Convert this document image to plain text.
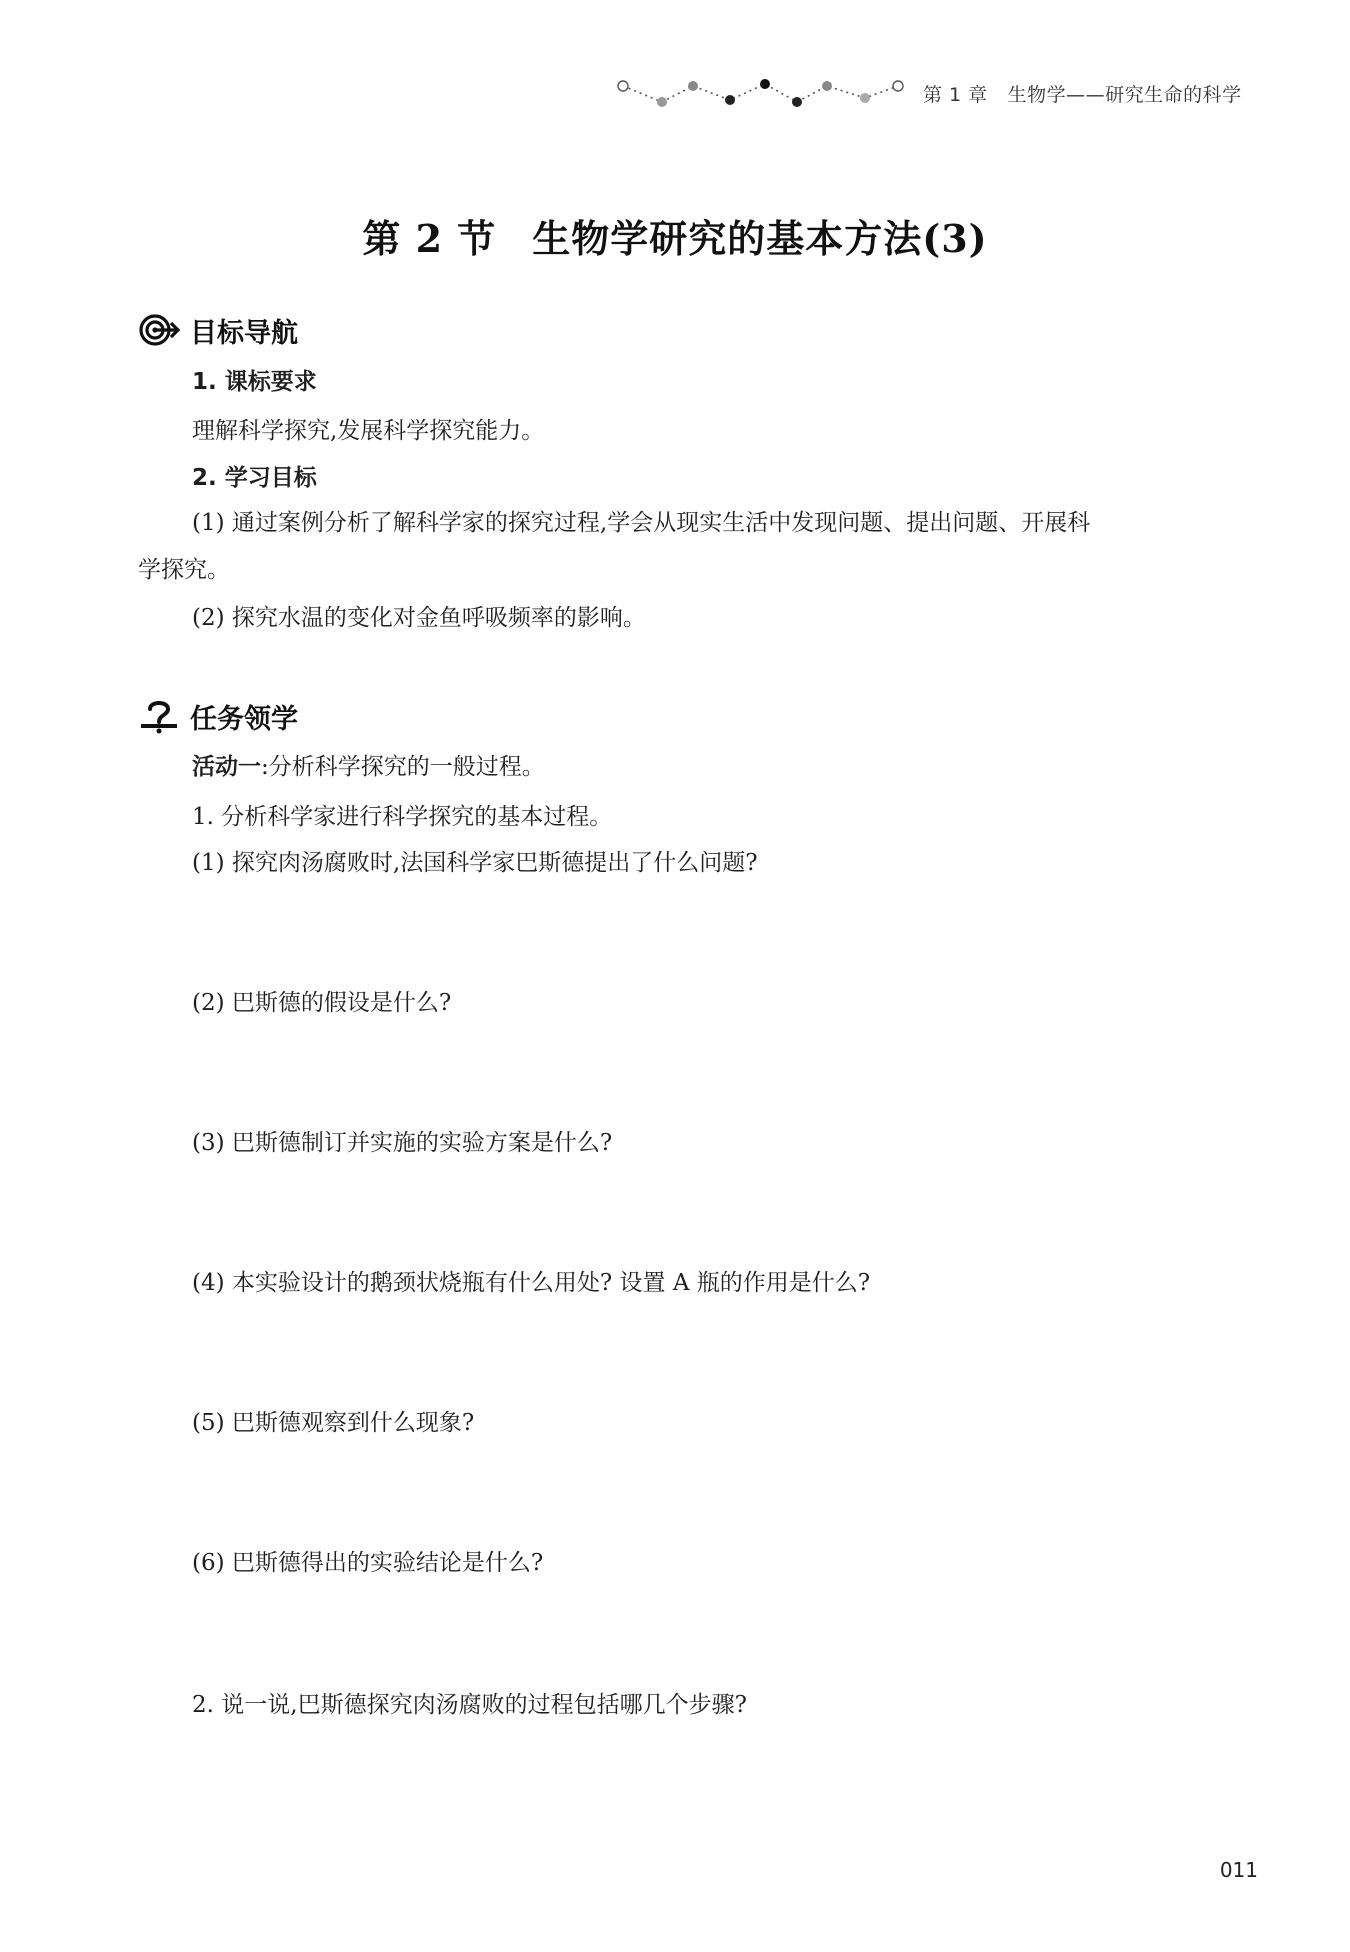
第 1 章 生物学——研究生命的科学
第 2 节 生物学研究的基本方法(3)
目标导航
1. 课标要求
理解科学探究,发展科学探究能力。
2. 学习目标
(1) 通过案例分析了解科学家的探究过程,学会从现实生活中发现问题、提出问题、开展科
学探究。
(2) 探究水温的变化对金鱼呼吸频率的影响。
任务领学
活动一:分析科学探究的一般过程。
1. 分析科学家进行科学探究的基本过程。
(1) 探究肉汤腐败时,法国科学家巴斯德提出了什么问题?
(2) 巴斯德的假设是什么?
(3) 巴斯德制订并实施的实验方案是什么?
(4) 本实验设计的鹅颈状烧瓶有什么用处? 设置 A 瓶的作用是什么?
(5) 巴斯德观察到什么现象?
(6) 巴斯德得出的实验结论是什么?
2. 说一说,巴斯德探究肉汤腐败的过程包括哪几个步骤?
011
